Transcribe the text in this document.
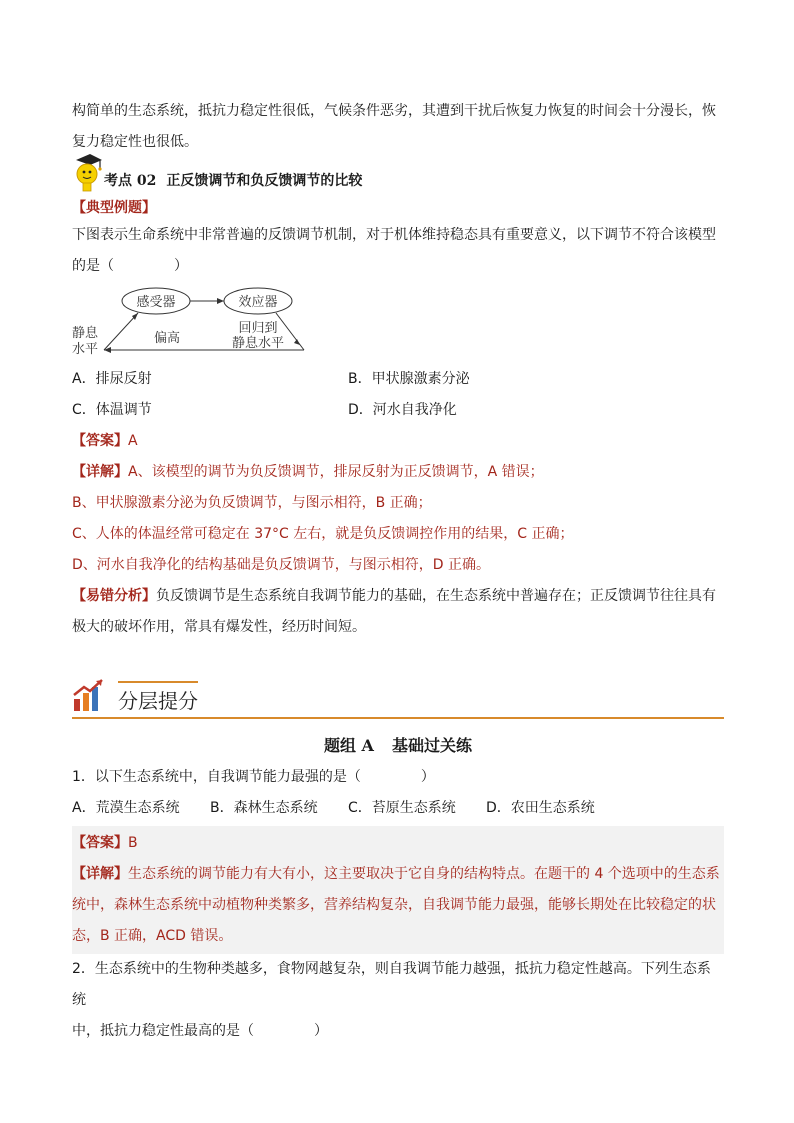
构简单的生态系统，抵抗力稳定性很低，气候条件恶劣，其遭到干扰后恢复力恢复的时间会十分漫长，恢复力稳定性也很低。

考点 02 正反馈调节和负反馈调节的比较

【典型例题】

下图表示生命系统中非常普遍的反馈调节机制，对于机体维持稳态具有重要意义，以下调节不符合该模型

的是（	）

感受器	效应器
静息
水平
偏高
回归到
静息水平
A．排尿反射	B．甲状腺激素分泌
C．体温调节	D．河水自我净化

【答案】A

【详解】A、该模型的调节为负反馈调节，排尿反射为正反馈调节，A 错误；

B、甲状腺激素分泌为负反馈调节，与图示相符，B 正确；

C、人体的体温经常可稳定在 37°C 左右，就是负反馈调控作用的结果，C 正确；

D、河水自我净化的结构基础是负反馈调节，与图示相符，D 正确。

【易错分析】负反馈调节是生态系统自我调节能力的基础，在生态系统中普遍存在；正反馈调节往往具有

极大的破坏作用，常具有爆发性，经历时间短。

分层提分
题组 A 基础过关练

1．以下生态系统中，自我调节能力最强的是（	）

A．荒漠生态系统	B．森林生态系统	C．苔原生态系统	D．农田生态系统

【答案】B

【详解】生态系统的调节能力有大有小，这主要取决于它自身的结构特点。在题干的 4 个选项中的生态系

统中，森林生态系统中动植物种类繁多，营养结构复杂，自我调节能力最强，能够长期处在比较稳定的状

态，B 正确，ACD 错误。

2．生态系统中的生物种类越多，食物网越复杂，则自我调节能力越强，抵抗力稳定性越高。下列生态系统

中，抵抗力稳定性最高的是（	）
